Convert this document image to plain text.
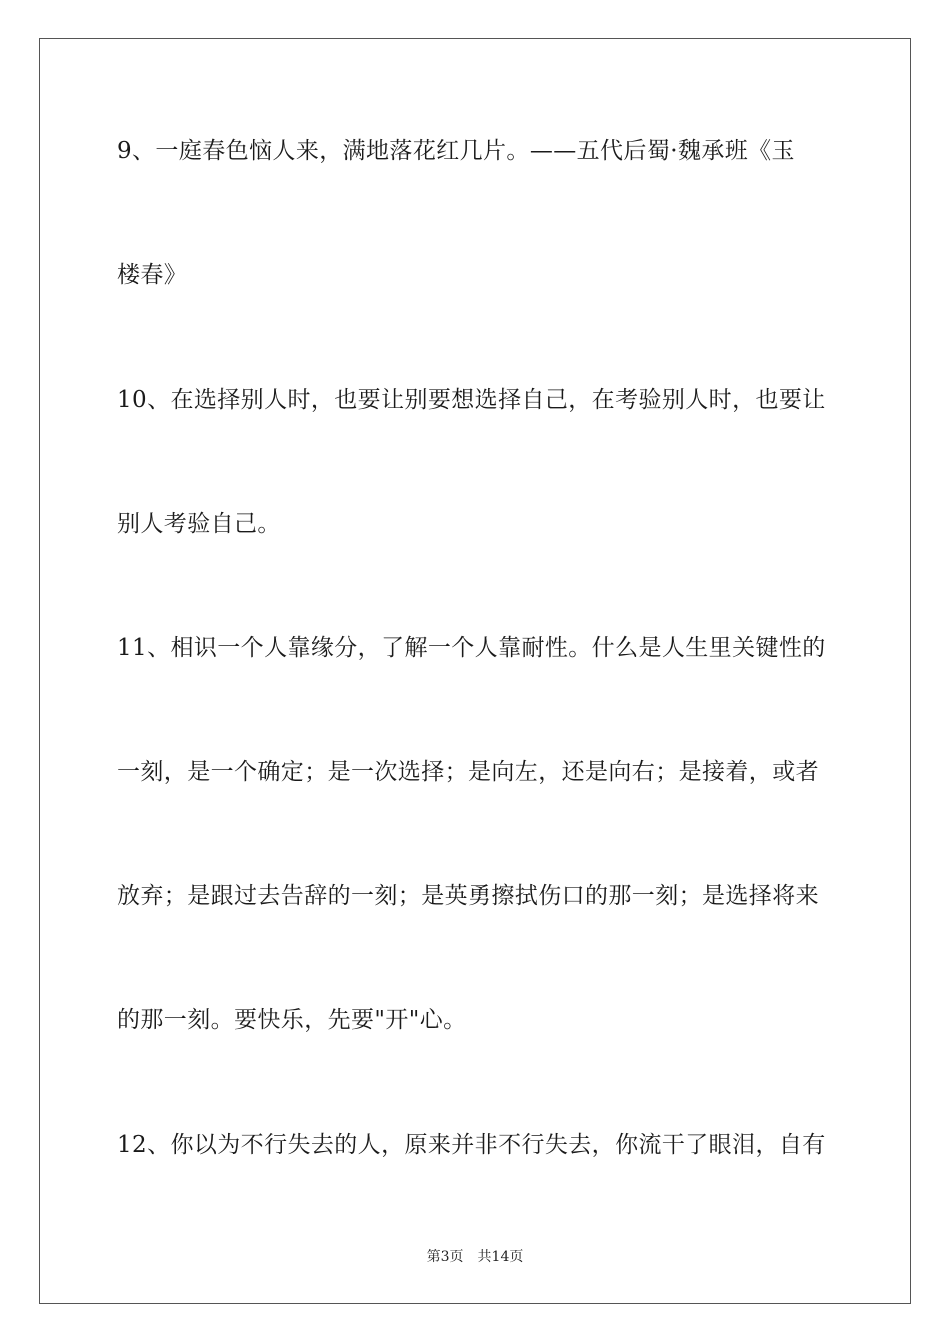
9、一庭春色恼人来，满地落花红几片。——五代后蜀·魏承班《玉
楼春》
10、在选择别人时，也要让别要想选择自己，在考验别人时，也要让
别人考验自己。
11、相识一个人靠缘分，了解一个人靠耐性。什么是人生里关键性的
一刻，是一个确定；是一次选择；是向左，还是向右；是接着，或者
放弃；是跟过去告辞的一刻；是英勇擦拭伤口的那一刻；是选择将来
的那一刻。要快乐，先要"开"心。
12、你以为不行失去的人，原来并非不行失去，你流干了眼泪，自有
第3页 共14页
